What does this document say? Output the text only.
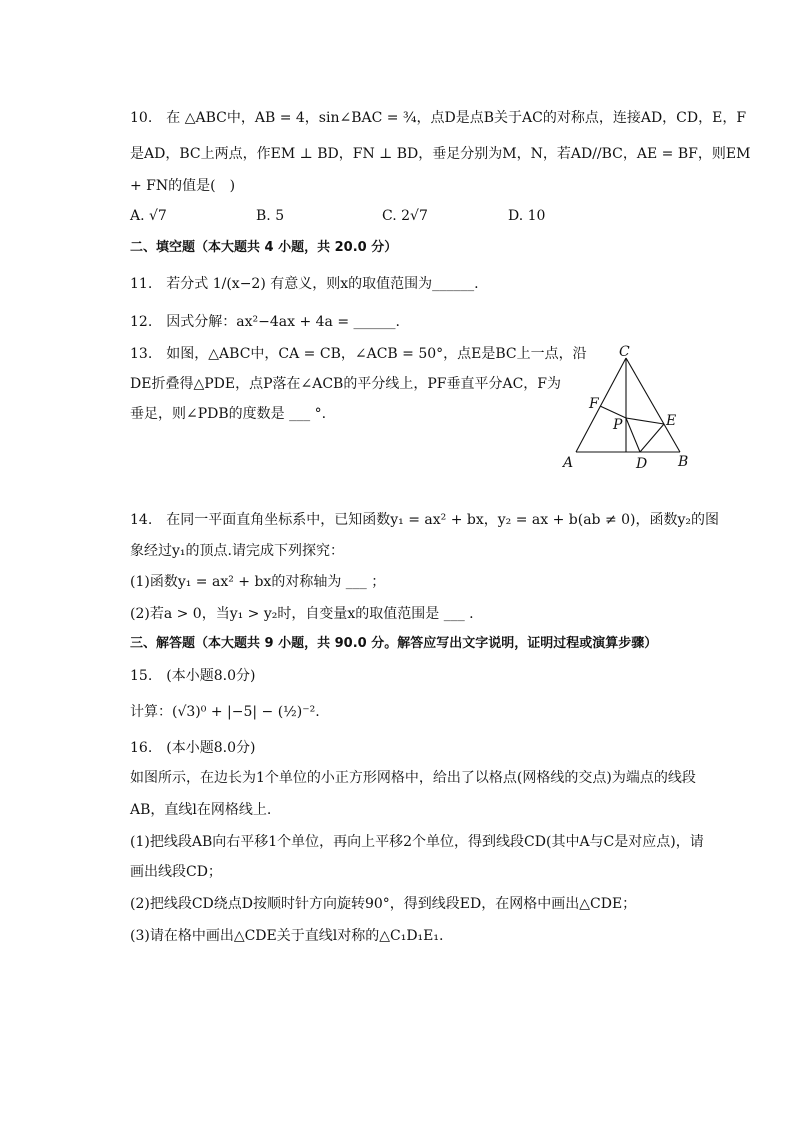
10.　在 △ABC中，AB = 4，sin∠BAC = ¾，点D是点B关于AC的对称点，连接AD，CD，E，F
是AD，BC上两点，作EM ⊥ BD，FN ⊥ BD，垂足分别为M，N，若AD//BC，AE = BF，则EM
+ FN的值是(　)
A. √7	B. 5	C. 2√7	D. 10
二、填空题（本大题共 4 小题，共 20.0 分）
11.　若分式 1/(x−2) 有意义，则x的取值范围为______.
12.　因式分解：ax²−4ax + 4a = ______.
13.　如图，△ABC中，CA = CB，∠ACB = 50°，点E是BC上一点，沿
DE折叠得△PDE，点P落在∠ACB的平分线上，PF垂直平分AC，F为
垂足，则∠PDB的度数是 ___ °.
C
F
P	E
A	D B
14.　在同一平面直角坐标系中，已知函数y₁ = ax² + bx，y₂ = ax + b(ab ≠ 0)，函数y₂的图
象经过y₁的顶点.请完成下列探究：
(1)函数y₁ = ax² + bx的对称轴为 ___ ；
(2)若a > 0，当y₁ > y₂时，自变量x的取值范围是 ___ .
三、解答题（本大题共 9 小题，共 90.0 分。解答应写出文字说明，证明过程或演算步骤）
15.　(本小题8.0分)
计算：(√3)⁰ + |−5| − (½)⁻².
16.　(本小题8.0分)
如图所示，在边长为1个单位的小正方形网格中，给出了以格点(网格线的交点)为端点的线段
AB，直线l在网格线上.
(1)把线段AB向右平移1个单位，再向上平移2个单位，得到线段CD(其中A与C是对应点)，请
画出线段CD；
(2)把线段CD绕点D按顺时针方向旋转90°，得到线段ED，在网格中画出△CDE；
(3)请在格中画出△CDE关于直线l对称的△C₁D₁E₁.
